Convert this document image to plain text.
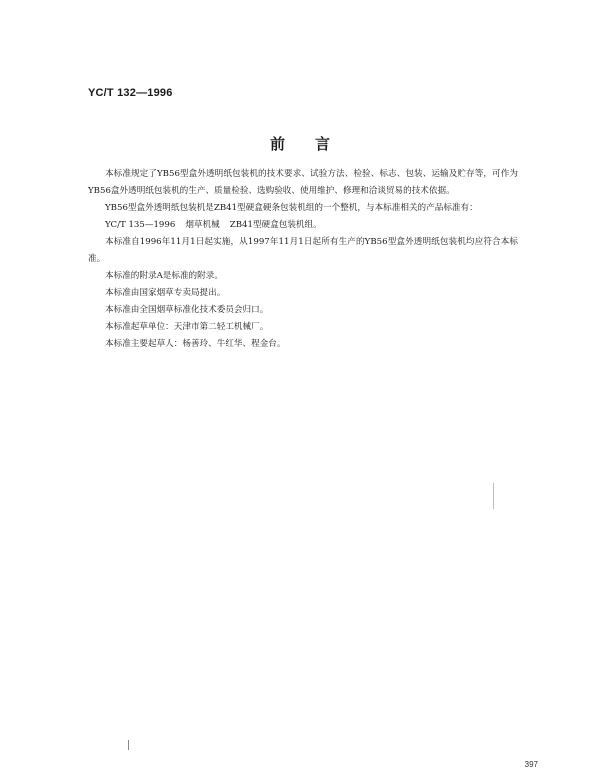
YC/T 132—1996
前言

本标准规定了YB56型盒外透明纸包装机的技术要求、试验方法、检验、标志、包装、运输及贮存等，可作为YB56盒外透明纸包装机的生产、质量检验、选购验收、使用维护、修理和洽谈贸易的技术依据。

YB56型盒外透明纸包装机是ZB41型硬盒硬条包装机组的一个整机，与本标准相关的产品标准有：

YC/T 135—1996 烟草机械 ZB41型硬盒包装机组。

本标准自1996年11月1日起实施，从1997年11月1日起所有生产的YB56型盒外透明纸包装机均应符合本标准。

本标准的附录A是标准的附录。

本标准由国家烟草专卖局提出。

本标准由全国烟草标准化技术委员会归口。

本标准起草单位：天津市第二轻工机械厂。

本标准主要起草人：杨善玲、牛红华、程金台。

397
